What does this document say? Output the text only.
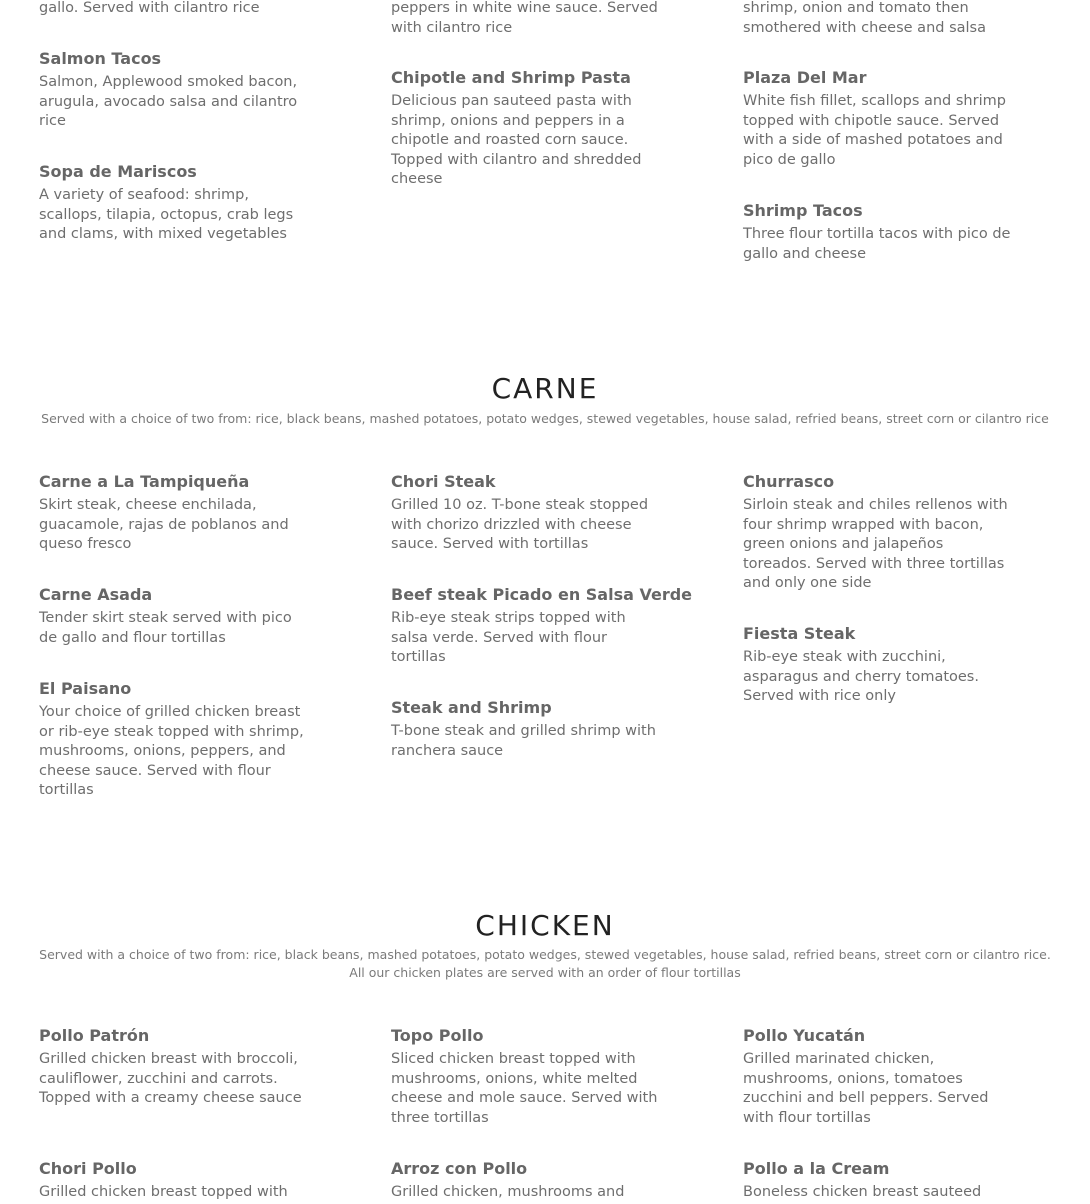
gallo. Served with cilantro rice	peppers in white wine sauce. Served with cilantro rice

shrimp, onion and tomato then smothered with cheese and salsa

Salmon Tacos

Salmon, Applewood smoked bacon, arugula, avocado salsa and cilantro rice

Sopa de Mariscos

A variety of seafood: shrimp, scallops, tilapia, octopus, crab legs and clams, with mixed vegetables

Chipotle and Shrimp Pasta

Delicious pan sauteed pasta with shrimp, onions and peppers in a chipotle and roasted corn sauce. Topped with cilantro and shredded cheese

Plaza Del Mar

White fish fillet, scallops and shrimp topped with chipotle sauce. Served with a side of mashed potatoes and pico de gallo

Shrimp Tacos

Three flour tortilla tacos with pico de gallo and cheese

CARNE

Served with a choice of two from: rice, black beans, mashed potatoes, potato wedges, stewed vegetables, house salad, refried beans, street corn or cilantro rice

Carne a La Tampiqueña

Skirt steak, cheese enchilada, guacamole, rajas de poblanos and queso fresco

Carne Asada

Tender skirt steak served with pico de gallo and flour tortillas

El Paisano

Your choice of grilled chicken breast or rib-eye steak topped with shrimp, mushrooms, onions, peppers, and cheese sauce. Served with flour tortillas

Chori Steak

Grilled 10 oz. T-bone steak stopped with chorizo drizzled with cheese sauce. Served with tortillas

Beef steak Picado en Salsa Verde

Rib-eye steak strips topped with salsa verde. Served with flour tortillas

Steak and Shrimp

T-bone steak and grilled shrimp with ranchera sauce

Churrasco

Sirloin steak and chiles rellenos with four shrimp wrapped with bacon, green onions and jalapeños toreados. Served with three tortillas and only one side

Fiesta Steak

Rib-eye steak with zucchini, asparagus and cherry tomatoes. Served with rice only

CHICKEN

Served with a choice of two from: rice, black beans, mashed potatoes, potato wedges, stewed vegetables, house salad, refried beans, street corn or cilantro rice.

All our chicken plates are served with an order of flour tortillas

Pollo Patrón

Grilled chicken breast with broccoli, cauliflower, zucchini and carrots. Topped with a creamy cheese sauce

Chori Pollo

Grilled chicken breast topped with

Topo Pollo

Sliced chicken breast topped with mushrooms, onions, white melted cheese and mole sauce. Served with three tortillas

Arroz con Pollo

Grilled chicken, mushrooms and

Pollo Yucatán

Grilled marinated chicken, mushrooms, onions, tomatoes zucchini and bell peppers. Served with flour tortillas

Pollo a la Cream

Boneless chicken breast sauteed
